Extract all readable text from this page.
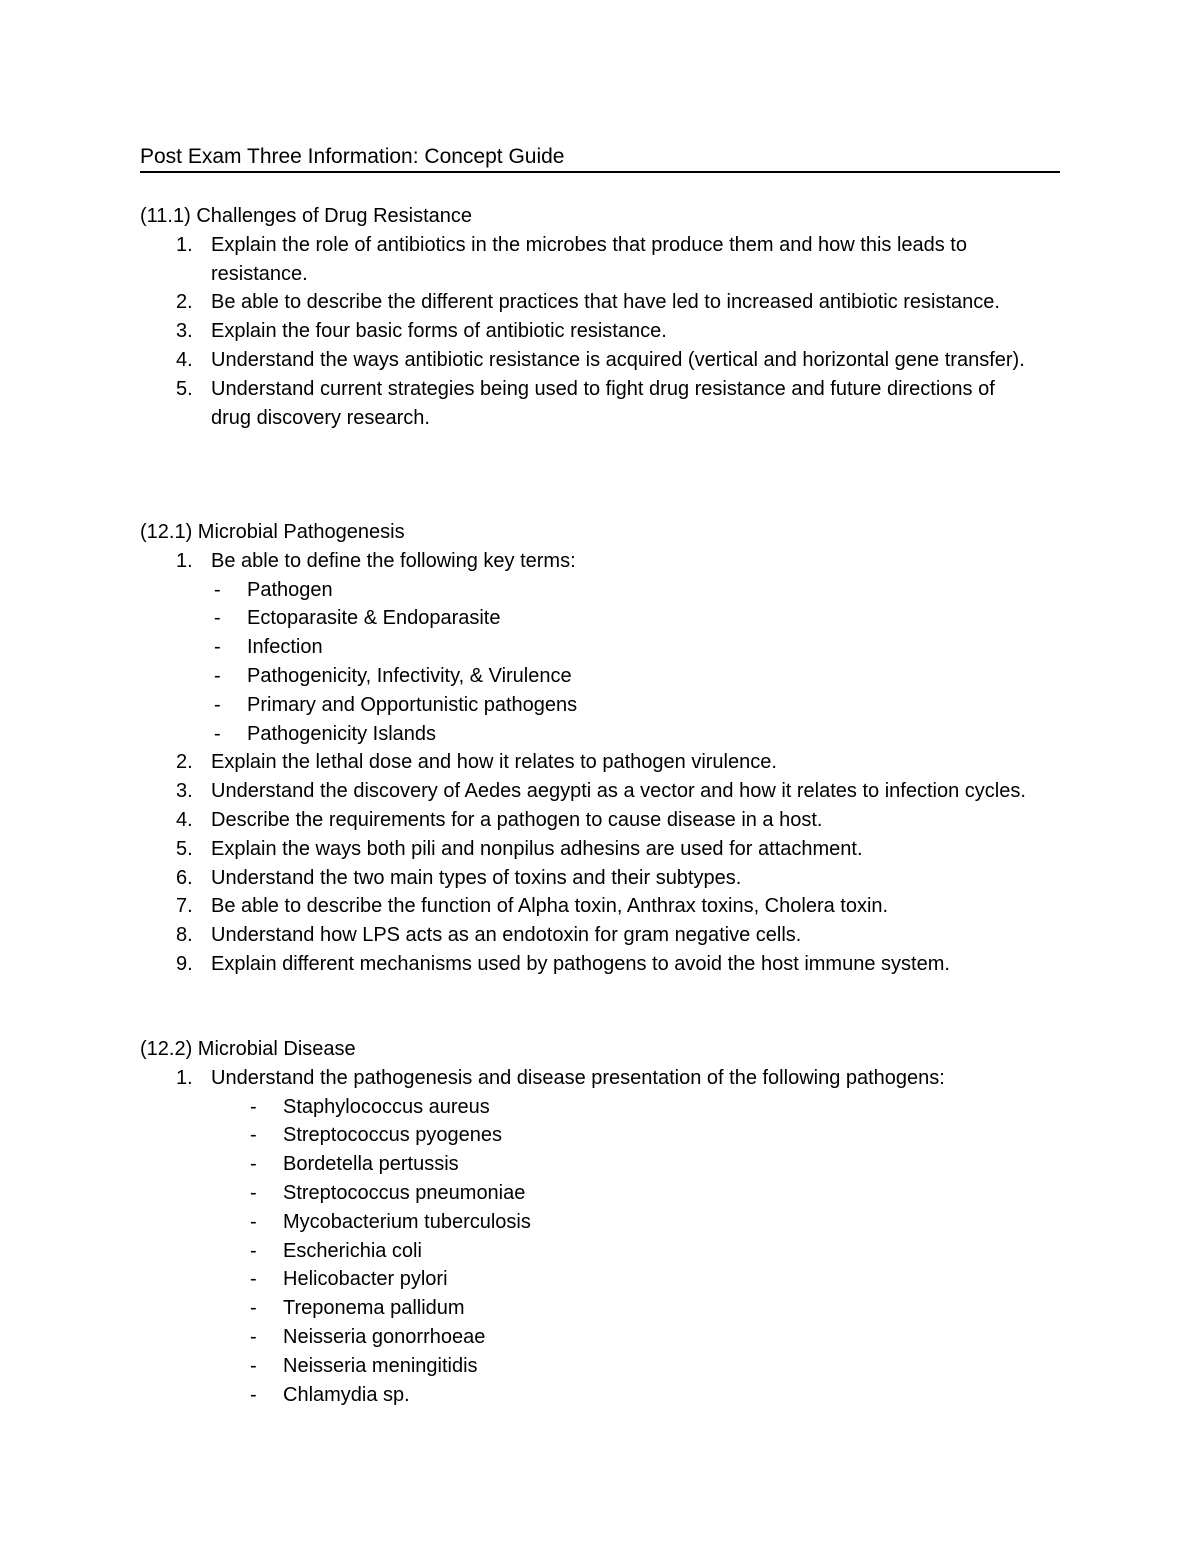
Post Exam Three Information: Concept Guide
(11.1) Challenges of Drug Resistance
1. Explain the role of antibiotics in the microbes that produce them and how this leads to resistance.
2. Be able to describe the different practices that have led to increased antibiotic resistance.
3. Explain the four basic forms of antibiotic resistance.
4. Understand the ways antibiotic resistance is acquired (vertical and horizontal gene transfer).
5. Understand current strategies being used to fight drug resistance and future directions of drug discovery research.
(12.1) Microbial Pathogenesis
1. Be able to define the following key terms:
- Pathogen
- Ectoparasite & Endoparasite
- Infection
- Pathogenicity, Infectivity, & Virulence
- Primary and Opportunistic pathogens
- Pathogenicity Islands
2. Explain the lethal dose and how it relates to pathogen virulence.
3. Understand the discovery of Aedes aegypti as a vector and how it relates to infection cycles.
4. Describe the requirements for a pathogen to cause disease in a host.
5. Explain the ways both pili and nonpilus adhesins are used for attachment.
6. Understand the two main types of toxins and their subtypes.
7. Be able to describe the function of Alpha toxin, Anthrax toxins, Cholera toxin.
8. Understand how LPS acts as an endotoxin for gram negative cells.
9. Explain different mechanisms used by pathogens to avoid the host immune system.
(12.2) Microbial Disease
1. Understand the pathogenesis and disease presentation of the following pathogens:
- Staphylococcus aureus
- Streptococcus pyogenes
- Bordetella pertussis
- Streptococcus pneumoniae
- Mycobacterium tuberculosis
- Escherichia coli
- Helicobacter pylori
- Treponema pallidum
- Neisseria gonorrhoeae
- Neisseria meningitidis
- Chlamydia sp.
